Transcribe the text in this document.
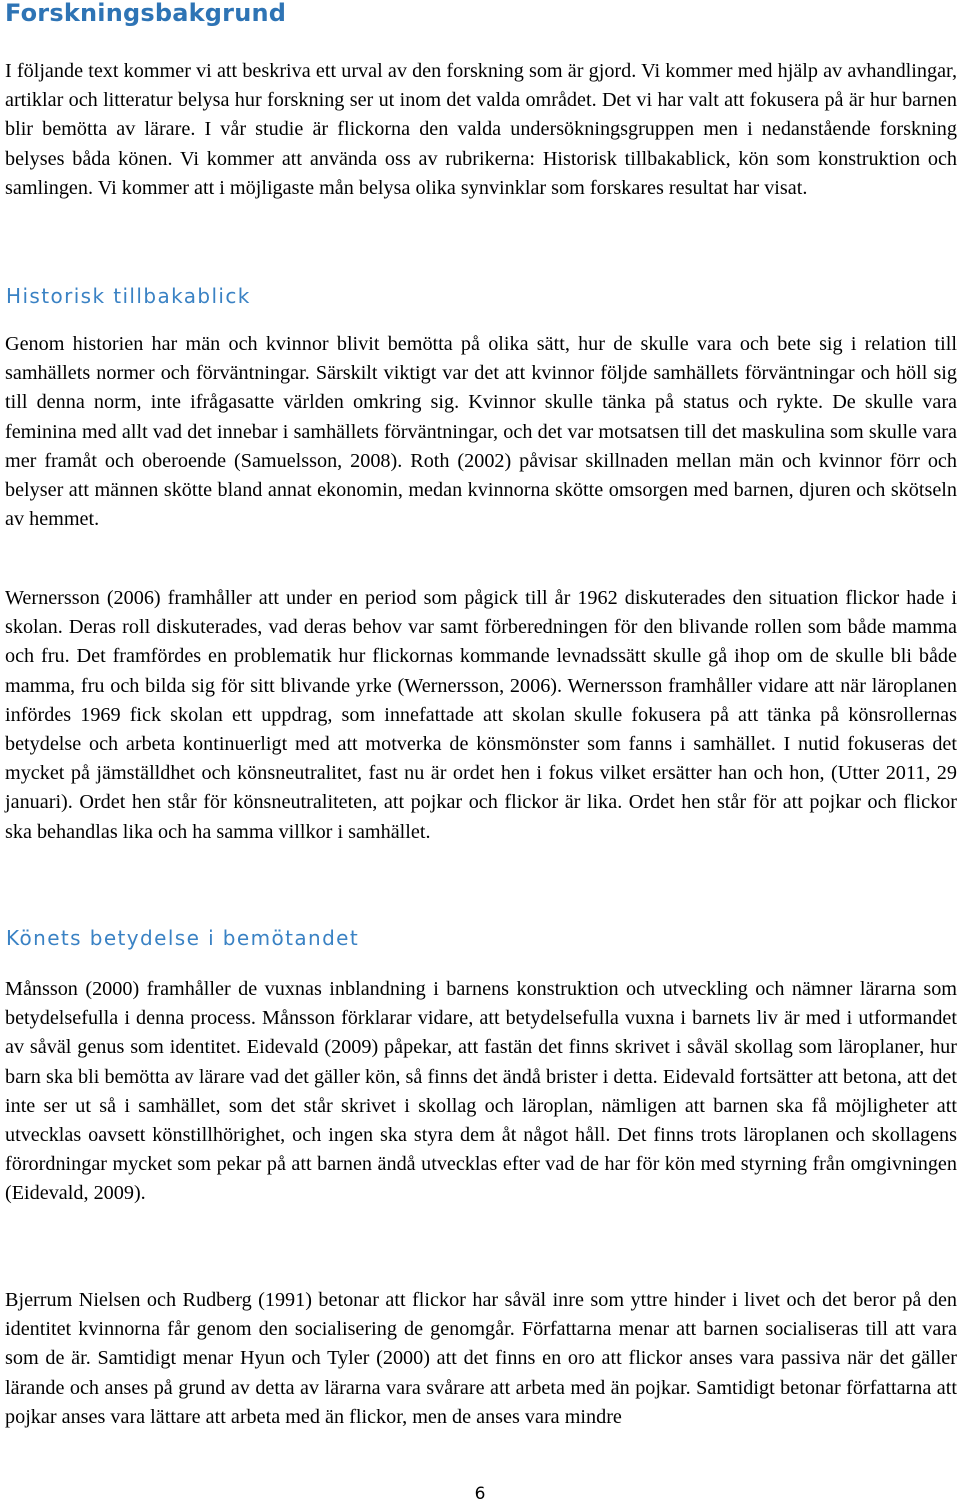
Forskningsbakgrund

I följande text kommer vi att beskriva ett urval av den forskning som är gjord. Vi kommer med hjälp av avhandlingar, artiklar och litteratur belysa hur forskning ser ut inom det valda området. Det vi har valt att fokusera på är hur barnen blir bemötta av lärare. I vår studie är flickorna den valda undersökningsgruppen men i nedanstående forskning belyses båda könen. Vi kommer att använda oss av rubrikerna: Historisk tillbakablick, kön som konstruktion och samlingen. Vi kommer att i möjligaste mån belysa olika synvinklar som forskares resultat har visat.

Historisk tillbakablick

Genom historien har män och kvinnor blivit bemötta på olika sätt, hur de skulle vara och bete sig i relation till samhällets normer och förväntningar. Särskilt viktigt var det att kvinnor följde samhällets förväntningar och höll sig till denna norm, inte ifrågasatte världen omkring sig. Kvinnor skulle tänka på status och rykte. De skulle vara feminina med allt vad det innebar i samhällets förväntningar, och det var motsatsen till det maskulina som skulle vara mer framåt och oberoende (Samuelsson, 2008). Roth (2002) påvisar skillnaden mellan män och kvinnor förr och belyser att männen skötte bland annat ekonomin, medan kvinnorna skötte omsorgen med barnen, djuren och skötseln av hemmet.

Wernersson (2006) framhåller att under en period som pågick till år 1962 diskuterades den situation flickor hade i skolan. Deras roll diskuterades, vad deras behov var samt förberedningen för den blivande rollen som både mamma och fru. Det framfördes en problematik hur flickornas kommande levnadssätt skulle gå ihop om de skulle bli både mamma, fru och bilda sig för sitt blivande yrke (Wernersson, 2006). Wernersson framhåller vidare att när läroplanen infördes 1969 fick skolan ett uppdrag, som innefattade att skolan skulle fokusera på att tänka på könsrollernas betydelse och arbeta kontinuerligt med att motverka de könsmönster som fanns i samhället. I nutid fokuseras det mycket på jämställdhet och könsneutralitet, fast nu är ordet hen i fokus vilket ersätter han och hon, (Utter 2011, 29 januari). Ordet hen står för könsneutraliteten, att pojkar och flickor är lika. Ordet hen står för att pojkar och flickor ska behandlas lika och ha samma villkor i samhället.

Könets betydelse i bemötandet

Månsson (2000) framhåller de vuxnas inblandning i barnens konstruktion och utveckling och nämner lärarna som betydelsefulla i denna process. Månsson förklarar vidare, att betydelsefulla vuxna i barnets liv är med i utformandet av såväl genus som identitet. Eidevald (2009) påpekar, att fastän det finns skrivet i såväl skollag som läroplaner, hur barn ska bli bemötta av lärare vad det gäller kön, så finns det ändå brister i detta. Eidevald fortsätter att betona, att det inte ser ut så i samhället, som det står skrivet i skollag och läroplan, nämligen att barnen ska få möjligheter att utvecklas oavsett könstillhörighet, och ingen ska styra dem åt något håll. Det finns trots läroplanen och skollagens förordningar mycket som pekar på att barnen ändå utvecklas efter vad de har för kön med styrning från omgivningen (Eidevald, 2009).

Bjerrum Nielsen och Rudberg (1991) betonar att flickor har såväl inre som yttre hinder i livet och det beror på den identitet kvinnorna får genom den socialisering de genomgår. Författarna menar att barnen socialiseras till att vara som de är. Samtidigt menar Hyun och Tyler (2000) att det finns en oro att flickor anses vara passiva när det gäller lärande och anses på grund av detta av lärarna vara svårare att arbeta med än pojkar. Samtidigt betonar författarna att pojkar anses vara lättare att arbeta med än flickor, men de anses vara mindre

6
